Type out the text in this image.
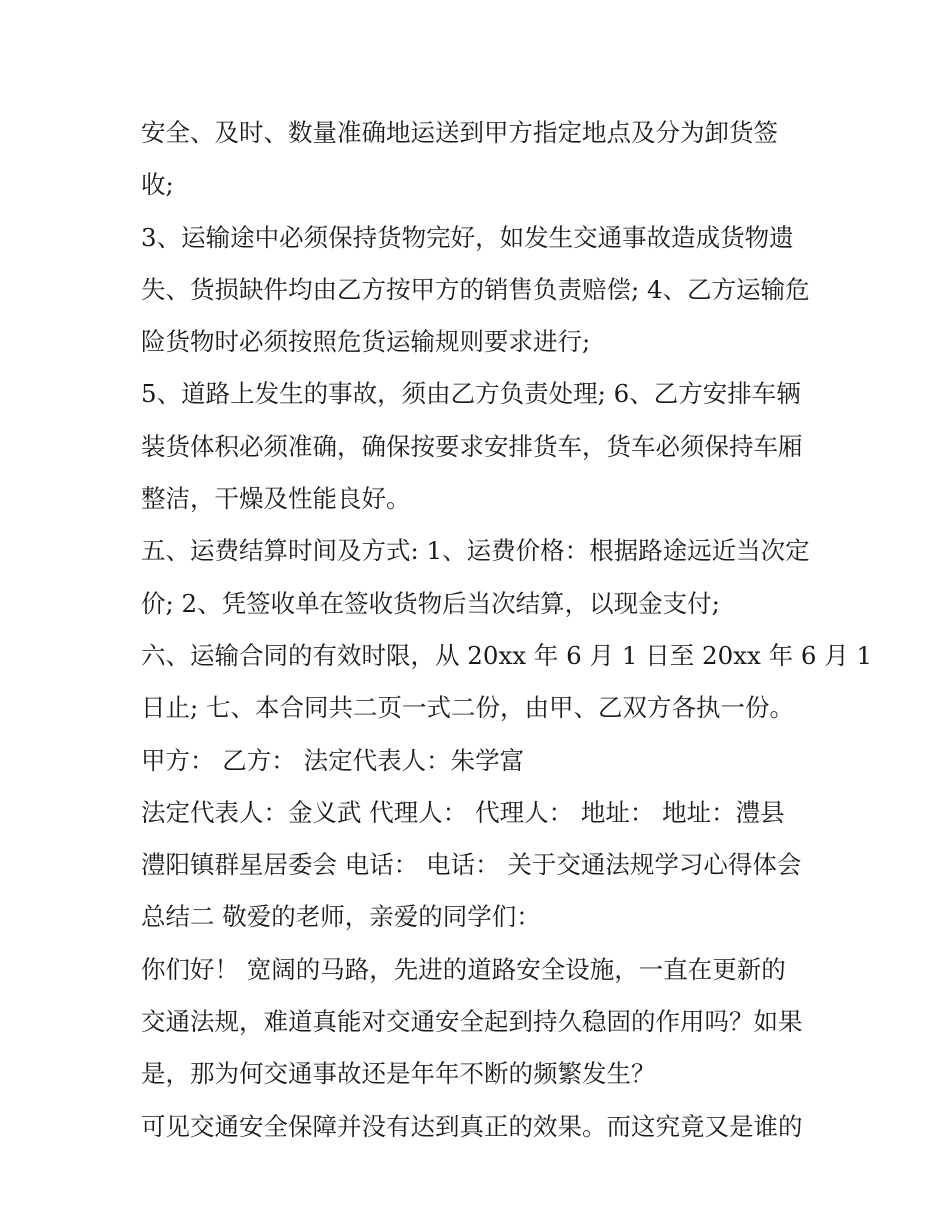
安全、及时、数量准确地运送到甲方指定地点及分为卸货签
收;

3、运输途中必须保持货物完好，如发生交通事故造成货物遗
失、货损缺件均由乙方按甲方的销售负责赔偿; 4、乙方运输危
险货物时必须按照危货运输规则要求进行;

5、道路上发生的事故，须由乙方负责处理; 6、乙方安排车辆
装货体积必须准确，确保按要求安排货车，货车必须保持车厢
整洁，干燥及性能良好。

五、运费结算时间及方式: 1、运费价格：根据路途远近当次定
价; 2、凭签收单在签收货物后当次结算，以现金支付;

六、运输合同的有效时限，从 20xx 年 6 月 1 日至 20xx 年 6 月 1
日止; 七、本合同共二页一式二份，由甲、乙双方各执一份。

甲方： 乙方： 法定代表人：朱学富

法定代表人：金义武 代理人： 代理人： 地址： 地址：澧县
澧阳镇群星居委会 电话： 电话： 关于交通法规学习心得体会
总结二 敬爱的老师，亲爱的同学们：

你们好！ 宽阔的马路，先进的道路安全设施，一直在更新的
交通法规，难道真能对交通安全起到持久稳固的作用吗？如果
是，那为何交通事故还是年年不断的频繁发生？

可见交通安全保障并没有达到真正的效果。而这究竟又是谁的
